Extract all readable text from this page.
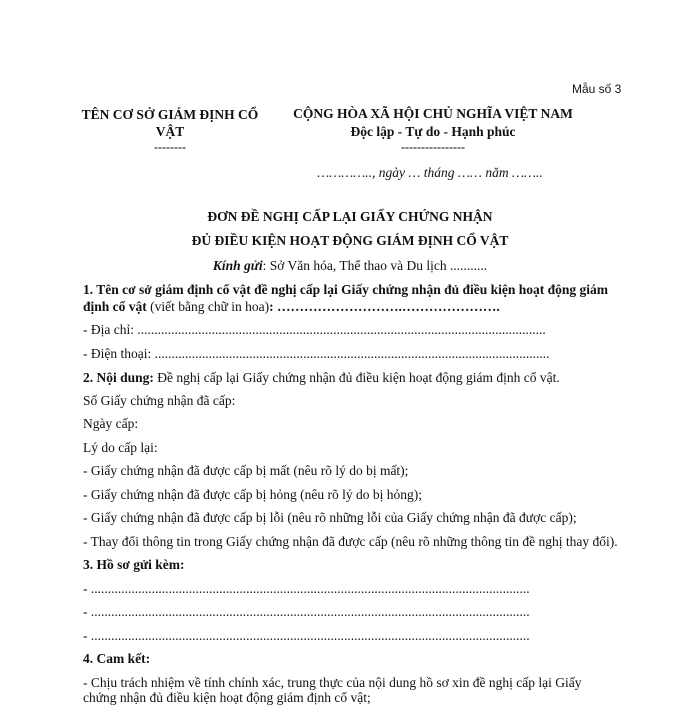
Mẫu số 3
TÊN CƠ SỞ GIÁM ĐỊNH CỔ VẬT
--------
CỘNG HÒA XÃ HỘI CHỦ NGHĨA VIỆT NAM
Độc lập - Tự do - Hạnh phúc
----------------
………….., ngày … tháng …… năm ……..
ĐƠN ĐỀ NGHỊ CẤP LẠI GIẤY CHỨNG NHẬN
ĐỦ ĐIỀU KIỆN HOẠT ĐỘNG GIÁM ĐỊNH CỔ VẬT
Kính gửi: Sở Văn hóa, Thể thao và Du lịch ...........
1. Tên cơ sở giám định cổ vật đề nghị cấp lại Giấy chứng nhận đủ điều kiện hoạt động giám định cổ vật (viết bằng chữ in hoa): ……………………….………………….
- Địa chỉ: .........................................................................................................................
- Điện thoại: .....................................................................................................................
2. Nội dung: Đề nghị cấp lại Giấy chứng nhận đủ điều kiện hoạt động giám định cổ vật.
Số Giấy chứng nhận đã cấp:
Ngày cấp:
Lý do cấp lại:
- Giấy chứng nhận đã được cấp bị mất (nêu rõ lý do bị mất);
- Giấy chứng nhận đã được cấp bị hỏng (nêu rõ lý do bị hỏng);
- Giấy chứng nhận đã được cấp bị lỗi (nêu rõ những lỗi của Giấy chứng nhận đã được cấp);
- Thay đổi thông tin trong Giấy chứng nhận đã được cấp (nêu rõ những thông tin đề nghị thay đổi).
3. Hồ sơ gửi kèm:
- ..................................................................................................................................
- ..................................................................................................................................
- ..................................................................................................................................
4. Cam kết:
- Chịu trách nhiệm về tính chính xác, trung thực của nội dung hồ sơ xin đề nghị cấp lại Giấy
chứng nhận đủ điều kiện hoạt động giám định cổ vật;
